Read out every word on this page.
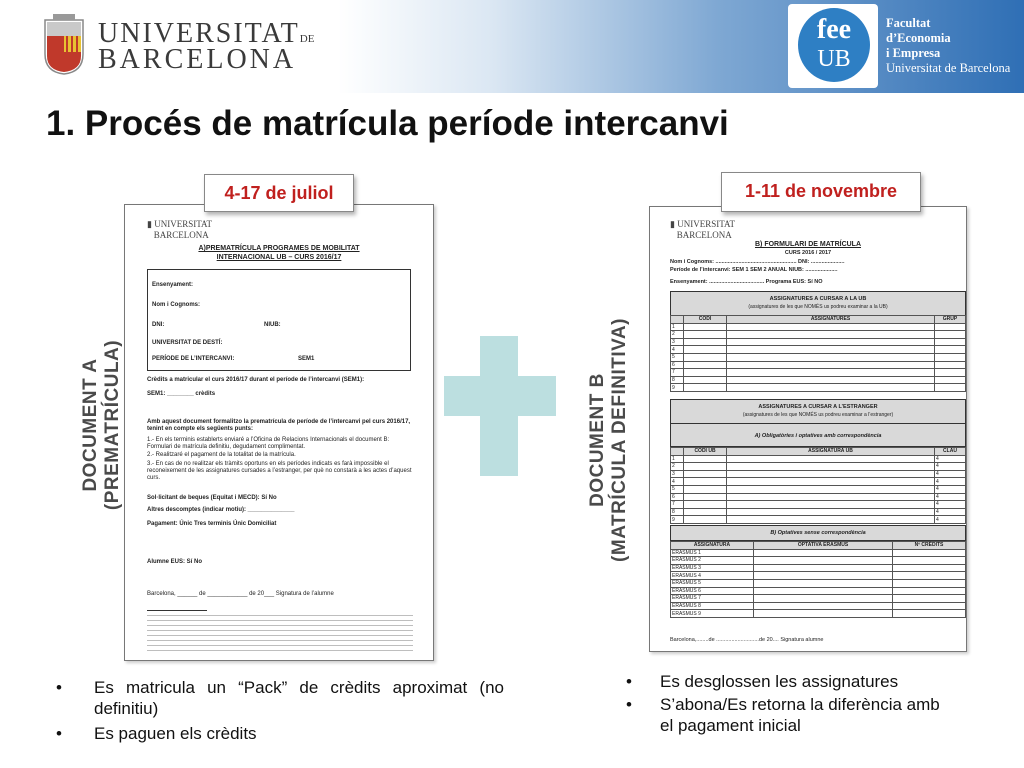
UNIVERSITATDE
BARCELONA
fee
UB
Facultat
d’Economia
i Empresa
Universitat de Barcelona
1. Procés de matrícula període intercanvi
DOCUMENT A (PREMATRÍCULA)
▮ UNIVERSITAT
BARCELONA
A)PREMATRÍCULA PROGRAMES DE MOBILITAT
INTERNACIONAL UB – CURS 2016/17
Ensenyament:
Nom i Cognoms:
DNI:	NIUB:
UNIVERSITAT DE DESTÍ:
PERÍODE DE L’INTERCANVI:	SEM1
Crèdits a matricular el curs 2016/17 durant el període de l’intercanvi (SEM1):
SEM1: ________ crèdits
Amb aquest document formalitzo la prematrícula de període de l’intercanvi pel curs 2016/17, tenint en compte els següents punts:
1.- En els terminis establerts enviaré a l’Oficina de Relacions Internacionals el document B: Formulari de matrícula definitiu, degudament complimentat.
2.- Realitzaré el pagament de la totalitat de la matrícula.
3.- En cas de no realitzar els tràmits oportuns en els períodes indicats es farà impossible el reconeixement de les assignatures cursades a l’estranger, per què no constarà a les actes d’aquest curs.
Sol·licitant de beques (Equitat i MECD): Sí No
Altres descomptes (indicar motiu): ______________
Pagament: Únic Tres terminis Únic Domiciliat
Alumne EUS: Sí No
Barcelona, ______ de ____________ de 20___ Signatura de l’alumne
4-17 de juliol
DOCUMENT B (MATRÍCULA DEFINITIVA)
▮ UNIVERSITAT
BARCELONA
B) FORMULARI DE MATRÍCULA
CURS 2016 / 2017
Nom i Cognoms: ..................................................... DNI: ......................
Període de l’intercanvi: SEM 1 SEM 2 ANUAL NIUB: .....................
Ensenyament: .................................... Programa EUS: Sí NO
ASSIGNATURES A CURSAR A LA UB
(assignatures de les que NOMÉS us podreu examinar a la UB)
	CODI	ASSIGNATURES	GRUP
1			
2			
3			
4			
5			
6			
7			
8			
9			
ASSIGNATURES A CURSAR A L’ESTRANGER
(assignatures de les que NOMÉS us podreu examinar a l’estranger)
A) Obligatòries i optatives amb correspondència
	CODI UB	ASSIGNATURA UB	CLAU
1			4
2			4
3			4
4			4
5			4
6			4
7			4
8			4
9			4
B) Optatives sense correspondència
ASSIGNATURA	OPTATIVA ERASMUS	Nº CRÈDITS
ERASMUS 1		
ERASMUS 2		
ERASMUS 3		
ERASMUS 4		
ERASMUS 5		
ERASMUS 6		
ERASMUS 7		
ERASMUS 8		
ERASMUS 9		
Barcelona,........de ............................de 20.... Signatura alumne
1-11 de novembre
• Es matricula un “Pack” de crèdits aproximat (no definitiu)
• Es paguen els crèdits
• Es desglossen les assignatures
• S’abona/Es retorna la diferència amb el pagament inicial
